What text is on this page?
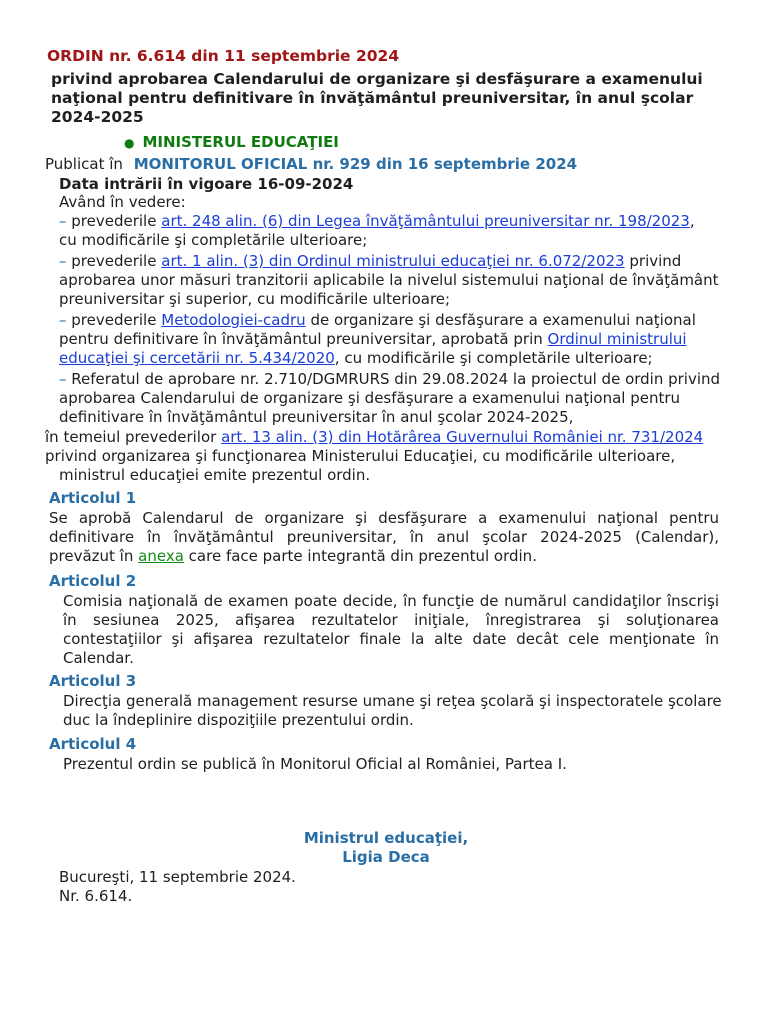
ORDIN nr. 6.614 din 11 septembrie 2024
privind aprobarea Calendarului de organizare şi desfăşurare a examenului
naţional pentru definitivare în învăţământul preuniversitar, în anul şcolar
2024-2025
● MINISTERUL EDUCAŢIEI
Publicat în MONITORUL OFICIAL nr. 929 din 16 septembrie 2024
Data intrării în vigoare 16-09-2024
Având în vedere:
– prevederile art. 248 alin. (6) din Legea învăţământului preuniversitar nr. 198/2023,
cu modificările şi completările ulterioare;
– prevederile art. 1 alin. (3) din Ordinul ministrului educaţiei nr. 6.072/2023 privind
aprobarea unor măsuri tranzitorii aplicabile la nivelul sistemului naţional de învăţământ
preuniversitar şi superior, cu modificările ulterioare;
– prevederile Metodologiei-cadru de organizare şi desfăşurare a examenului naţional
pentru definitivare în învăţământul preuniversitar, aprobată prin Ordinul ministrului
educaţiei şi cercetării nr. 5.434/2020, cu modificările şi completările ulterioare;
– Referatul de aprobare nr. 2.710/DGMRURS din 29.08.2024 la proiectul de ordin privind
aprobarea Calendarului de organizare şi desfăşurare a examenului naţional pentru
definitivare în învăţământul preuniversitar în anul şcolar 2024-2025,
în temeiul prevederilor art. 13 alin. (3) din Hotărârea Guvernului României nr. 731/2024
privind organizarea şi funcţionarea Ministerului Educaţiei, cu modificările ulterioare,
ministrul educaţiei emite prezentul ordin.
Articolul 1
Se aprobă Calendarul de organizare şi desfăşurare a examenului naţional pentru
definitivare în învăţământul preuniversitar, în anul şcolar 2024-2025 (Calendar),
prevăzut în anexa care face parte integrantă din prezentul ordin.
Articolul 2
Comisia naţională de examen poate decide, în funcţie de numărul candidaţilor înscrişi
în sesiunea 2025, afişarea rezultatelor iniţiale, înregistrarea şi soluţionarea
contestaţiilor şi afişarea rezultatelor finale la alte date decât cele menţionate în
Calendar.
Articolul 3
Direcţia generală management resurse umane şi reţea şcolară şi inspectoratele şcolare
duc la îndeplinire dispoziţiile prezentului ordin.
Articolul 4
Prezentul ordin se publică în Monitorul Oficial al României, Partea I.
Ministrul educaţiei,
Ligia Deca
Bucureşti, 11 septembrie 2024.
Nr. 6.614.
